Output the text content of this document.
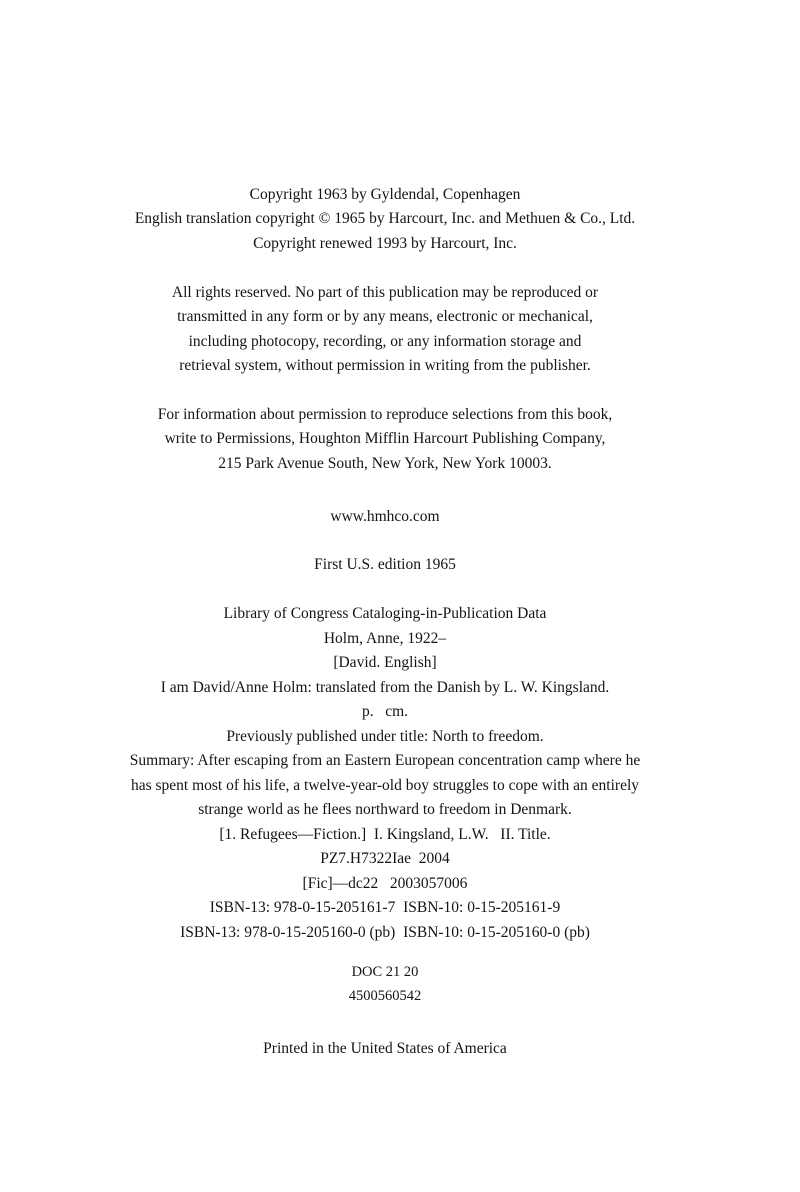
Copyright 1963 by Gyldendal, Copenhagen
English translation copyright © 1965 by Harcourt, Inc. and Methuen & Co., Ltd.
Copyright renewed 1993 by Harcourt, Inc.
All rights reserved. No part of this publication may be reproduced or
transmitted in any form or by any means, electronic or mechanical,
including photocopy, recording, or any information storage and
retrieval system, without permission in writing from the publisher.
For information about permission to reproduce selections from this book,
write to Permissions, Houghton Mifflin Harcourt Publishing Company,
215 Park Avenue South, New York, New York 10003.
www.hmhco.com
First U.S. edition 1965
Library of Congress Cataloging-in-Publication Data
Holm, Anne, 1922–
[David. English]
I am David/Anne Holm: translated from the Danish by L. W. Kingsland.
p.   cm.
Previously published under title: North to freedom.
Summary: After escaping from an Eastern European concentration camp where he
has spent most of his life, a twelve-year-old boy struggles to cope with an entirely
strange world as he flees northward to freedom in Denmark.
[1. Refugees—Fiction.]  I. Kingsland, L.W.   II. Title.
PZ7.H7322Iae  2004
[Fic]—dc22   2003057006
ISBN-13: 978-0-15-205161-7  ISBN-10: 0-15-205161-9
ISBN-13: 978-0-15-205160-0 (pb)  ISBN-10: 0-15-205160-0 (pb)
DOC 21 20
4500560542
Printed in the United States of America
